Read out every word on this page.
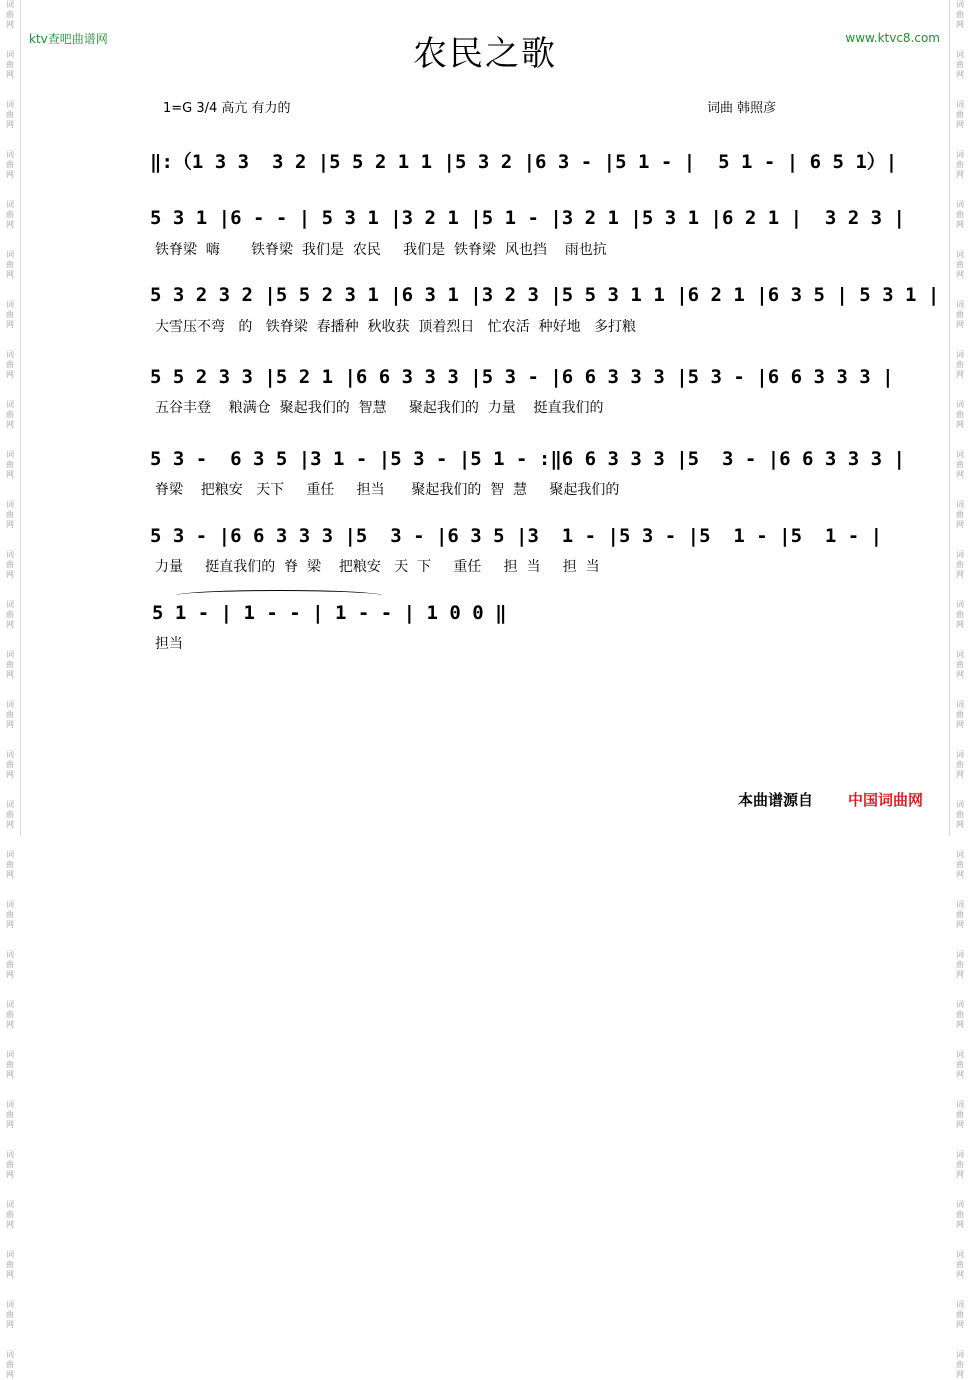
词
曲
网

词
曲
网

词
曲
网

词
曲
网

词
曲
网

词
曲
网

词
曲
网

词
曲
网

词
曲
网

词
曲
网

词
曲
网

词
曲
网

词
曲
网

词
曲
网

词
曲
网

词
曲
网

词
曲
网

词
曲
网

词
曲
网

词
曲
网

词
曲
网

词
曲
网

词
曲
网

词
曲
网

词
曲
网

词
曲
网

词
曲
网

词
曲
网

词
曲
网

词
曲
网

词
曲
网

词
曲
网

词
曲
网

词
曲
网

词
曲
网

词
曲
网

词
曲
网

词
曲
网

词
曲
网

词
曲
网

词
曲
网

词
曲
网

词
曲
网

词
曲
网

词
曲
网

词
曲
网

词
曲
网

词
曲
网

词
曲
网

词
曲
网

词
曲
网

词
曲
网

词
曲
网

词
曲
网

词
曲
网

词
曲
网

ktv查吧曲谱网	www.ktvc8.com
农民之歌
1=G 3/4 高亢 有力的	词曲 韩照彦
‖:（1 3 3  3 2 |5 5 2 1 1 |5 3 2 |6 3 - |5 1 - |  5 1 - | 6 5 1）|
5 3 1 |6 - - | 5 3 1 |3 2 1 |5 1 - |3 2 1 |5 3 1 |6 2 1 |  3 2 3 |
铁脊梁  嗨       铁脊梁  我们是  农民     我们是  铁脊梁  风也挡    雨也抗
5 3 2 3 2 |5 5 2 3 1 |6 3 1 |3 2 3 |5 5 3 1 1 |6 2 1 |6 3 5 | 5 3 1 |
大雪压不弯   的   铁脊梁  春播种  秋收获  顶着烈日   忙农活  种好地   多打粮
5 5 2 3 3 |5 2 1 |6 6 3 3 3 |5 3 - |6 6 3 3 3 |5 3 - |6 6 3 3 3 |
五谷丰登    粮满仓  聚起我们的  智慧     聚起我们的  力量    挺直我们的
5 3 -  6 3 5 |3 1 - |5 3 - |5 1 - :‖6 6 3 3 3 |5  3 - |6 6 3 3 3 |
脊梁    把粮安   天下     重任     担当      聚起我们的  智  慧     聚起我们的
5 3 - |6 6 3 3 3 |5  3 - |6 3 5 |3  1 - |5 3 - |5  1 - |5  1 - |
力量     挺直我们的  脊  梁    把粮安   天  下     重任     担  当     担  当
5 1 - | 1 - - | 1 - - | 1 0 0 ‖
担当
本曲谱源自 中国词曲网
